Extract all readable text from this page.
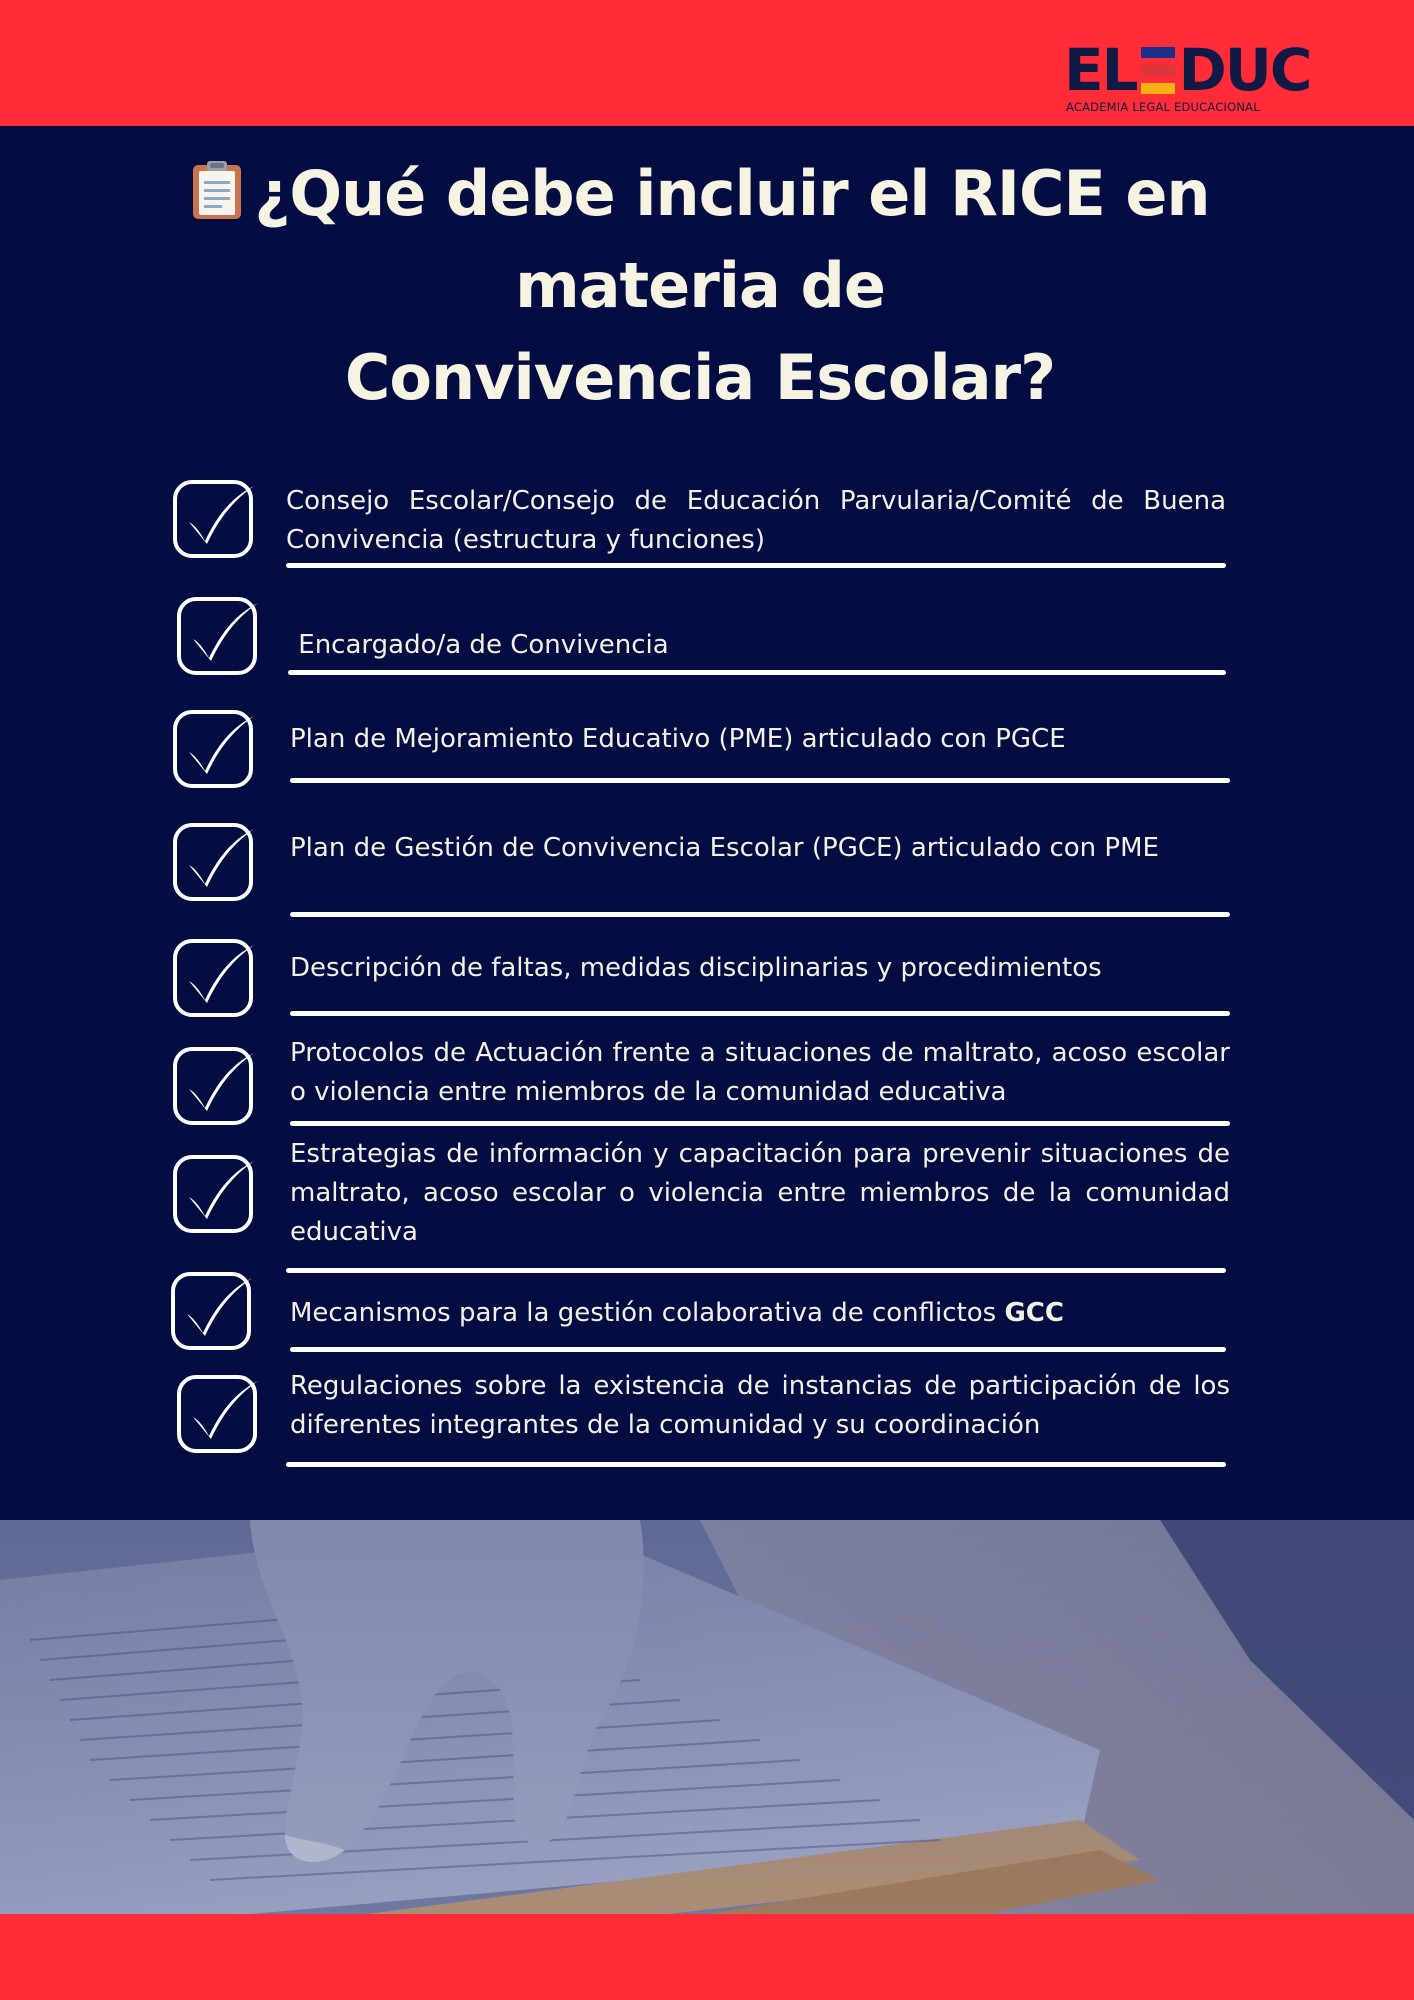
EL DUC
ACADEMIA LEGAL EDUCACIONAL
¿Qué debe incluir el RICE en
materia de
Convivencia Escolar?
Consejo Escolar/Consejo de Educación Parvularia/Comité de Buena Convivencia (estructura y funciones)
Encargado/a de Convivencia
Plan de Mejoramiento Educativo (PME) articulado con PGCE
Plan de Gestión de Convivencia Escolar (PGCE) articulado con PME
Descripción de faltas, medidas disciplinarias y procedimientos
Protocolos de Actuación frente a situaciones de maltrato, acoso escolar o violencia entre miembros de la comunidad educativa
Estrategias de información y capacitación para prevenir situaciones de maltrato, acoso escolar o violencia entre miembros de la comunidad educativa
Mecanismos para la gestión colaborativa de conflictos GCC
Regulaciones sobre la existencia de instancias de participación de los diferentes integrantes de la comunidad y su coordinación
